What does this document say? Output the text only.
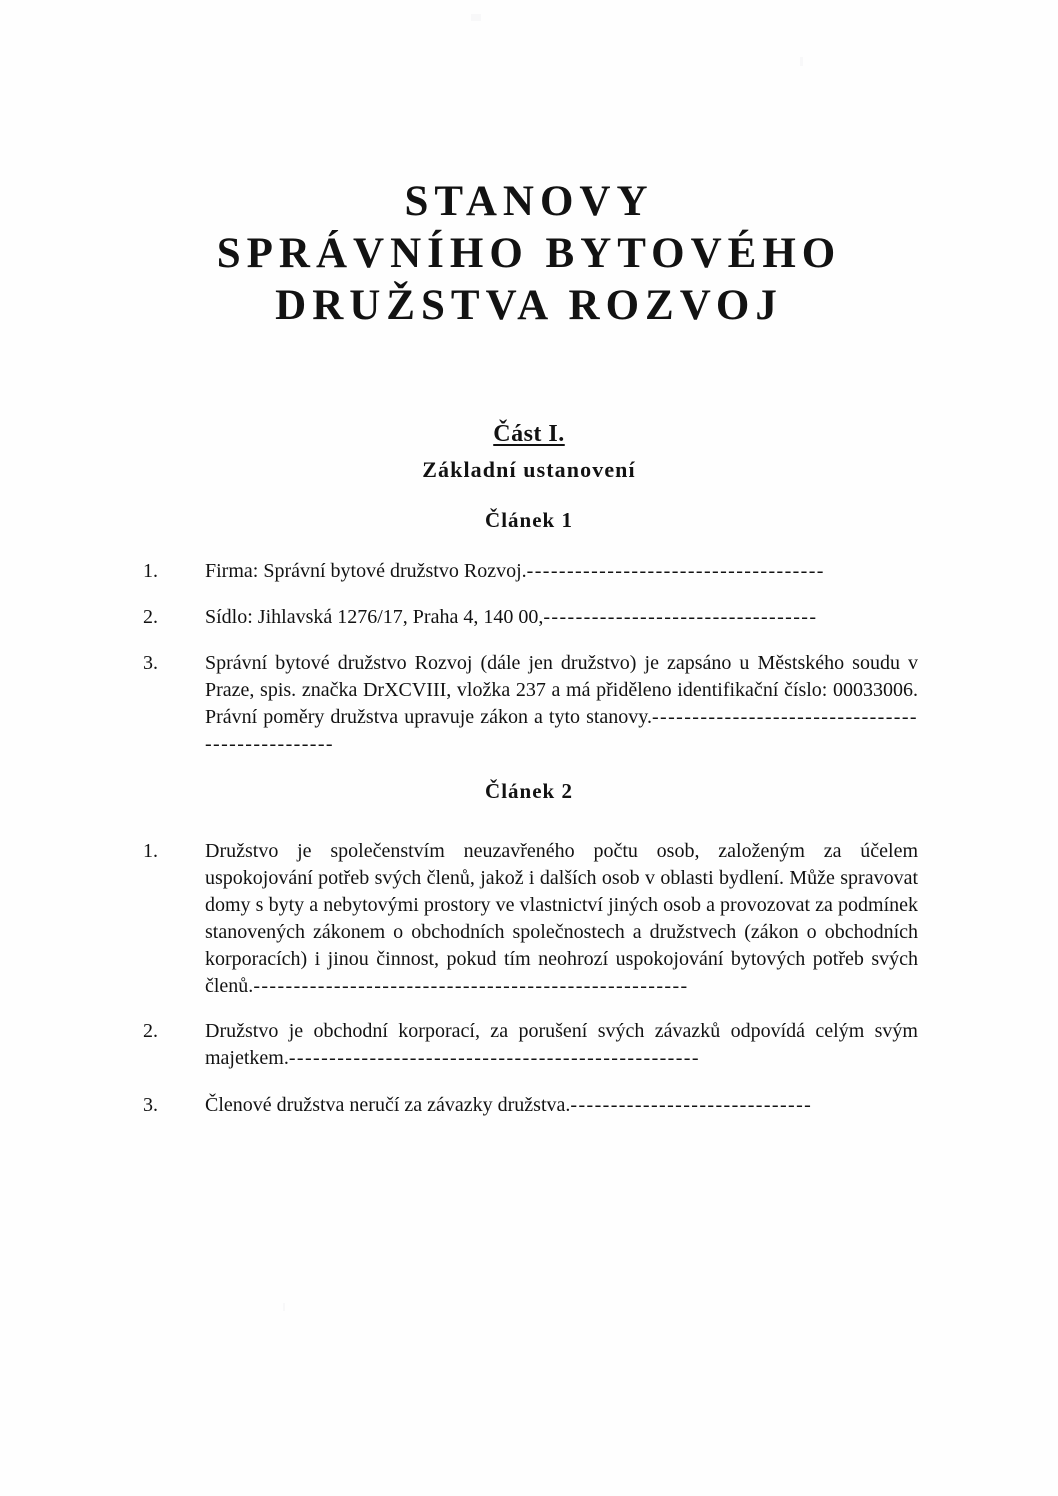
STANOVY
SPRÁVNÍHO BYTOVÉHO
DRUŽSTVA ROZVOJ
Část I.
Základní ustanovení
Článek 1
1.	Firma: Správní bytové družstvo Rozvoj.-------------------------------------
2.	Sídlo: Jihlavská 1276/17, Praha 4, 140 00,----------------------------------
3.	Správní bytové družstvo Rozvoj (dále jen družstvo) je zapsáno u Městského soudu v Praze, spis. značka DrXCVIII, vložka 237 a má přiděleno identifikační číslo: 00033006. Právní poměry družstva upravuje zákon a tyto stanovy.-------------------------------------------------
Článek 2
1.	Družstvo je společenstvím neuzavřeného počtu osob, založeným za účelem uspokojování potřeb svých členů, jakož i dalších osob v oblasti bydlení. Může spravovat domy s byty a nebytovými prostory ve vlastnictví jiných osob a provozovat za podmínek stanovených zákonem o obchodních společnostech a družstvech (zákon o obchodních korporacích) i jinou činnost, pokud tím neohrozí uspokojování bytových potřeb svých členů.------------------------------------------------------
2.	Družstvo je obchodní korporací, za porušení svých závazků odpovídá celým svým majetkem.---------------------------------------------------
3.	Členové družstva neručí za závazky družstva.------------------------------
